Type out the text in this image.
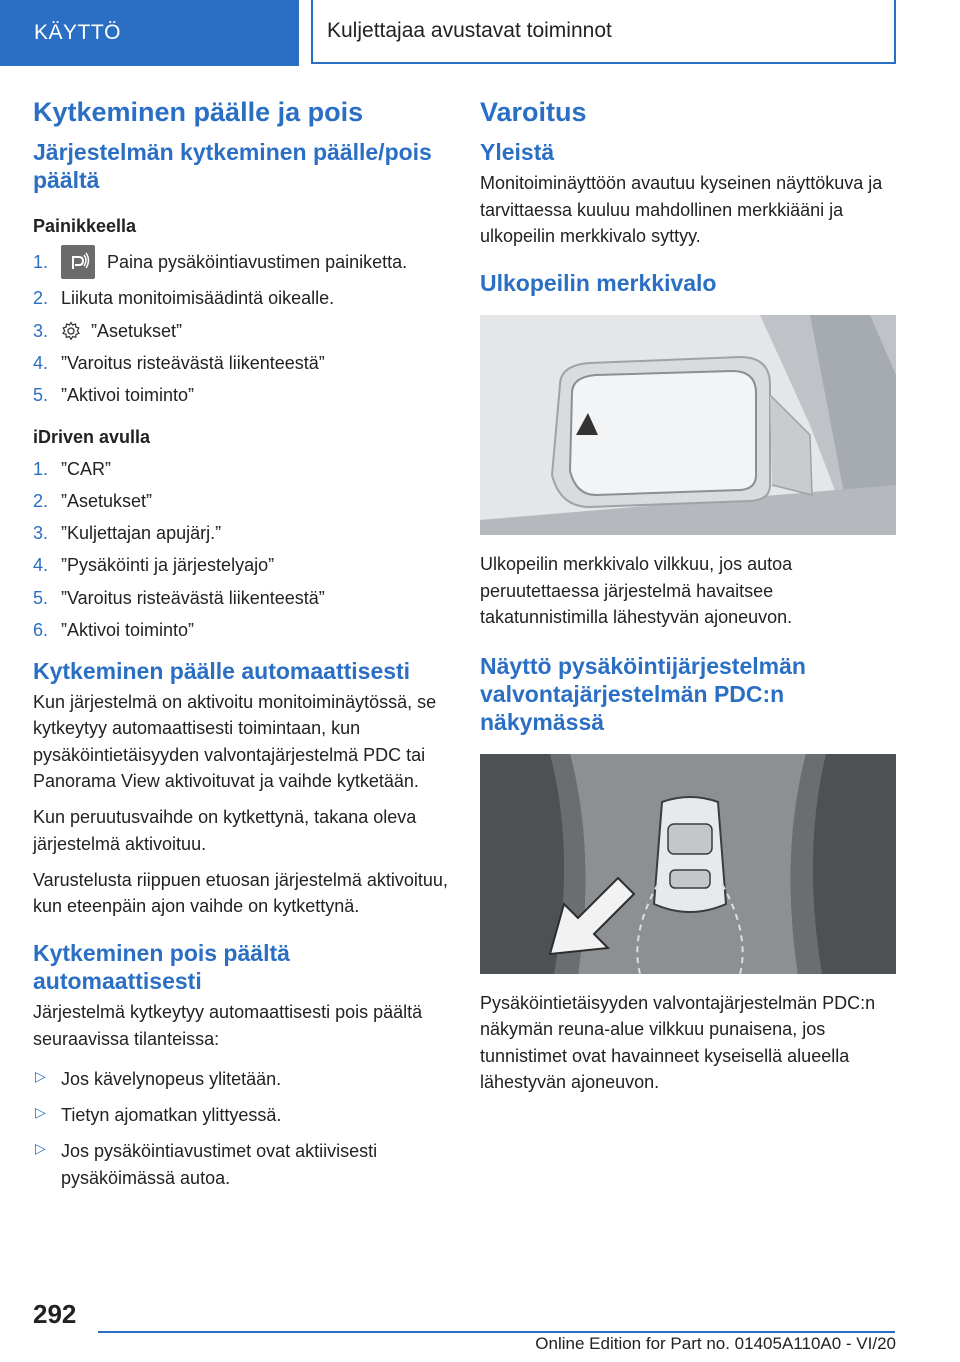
KÄYTTÖ	Kuljettajaa avustavat toiminnot
Kytkeminen päälle ja pois
Järjestelmän kytkeminen päälle/pois päältä
Painikkeella
1.	Paina pysäköintiavustimen painiketta.
2. Liikuta monitoimisäädintä oikealle.
3. ”Asetukset”
4. ”Varoitus risteävästä liikenteestä”
5. ”Aktivoi toiminto”
iDriven avulla
1. ”CAR”
2. ”Asetukset”
3. ”Kuljettajan apujärj.”
4. ”Pysäköinti ja järjestelyajo”
5. ”Varoitus risteävästä liikenteestä”
6. ”Aktivoi toiminto”
Kytkeminen päälle automaattisesti

Kun järjestelmä on aktivoitu monitoiminäytössä, se kytkeytyy automaattisesti toimintaan, kun pysäköintietäisyyden valvontajärjestelmä PDC tai Panorama View aktivoituvat ja vaihde kytketään.

Kun peruutusvaihde on kytkettynä, takana oleva järjestelmä aktivoituu.

Varustelusta riippuen etuosan järjestelmä aktivoituu, kun eteenpäin ajon vaihde on kytkettynä.

Kytkeminen pois päältä automaattisesti

Järjestelmä kytkeytyy automaattisesti pois päältä seuraavissa tilanteissa:

▷ Jos kävelynopeus ylitetään.
▷ Tietyn ajomatkan ylittyessä.
▷ Jos pysäköintiavustimet ovat aktiivisesti pysäköimässä autoa.
Varoitus
Yleistä

Monitoiminäyttöön avautuu kyseinen näyttökuva ja tarvittaessa kuuluu mahdollinen merkkiääni ja ulkopeilin merkkivalo syttyy.

Ulkopeilin merkkivalo

Ulkopeilin merkkivalo vilkkuu, jos autoa peruutettaessa järjestelmä havaitsee takatunnistimilla lähestyvän ajoneuvon.

Näyttö pysäköintijärjestelmän valvontajärjestelmän PDC:n näkymässä

Pysäköintietäisyyden valvontajärjestelmän PDC:n näkymän reuna-alue vilkkuu punaisena, jos tunnistimet ovat havainneet kyseisellä alueella lähestyvän ajoneuvon.

292
Online Edition for Part no. 01405A110A0 - VI/20
